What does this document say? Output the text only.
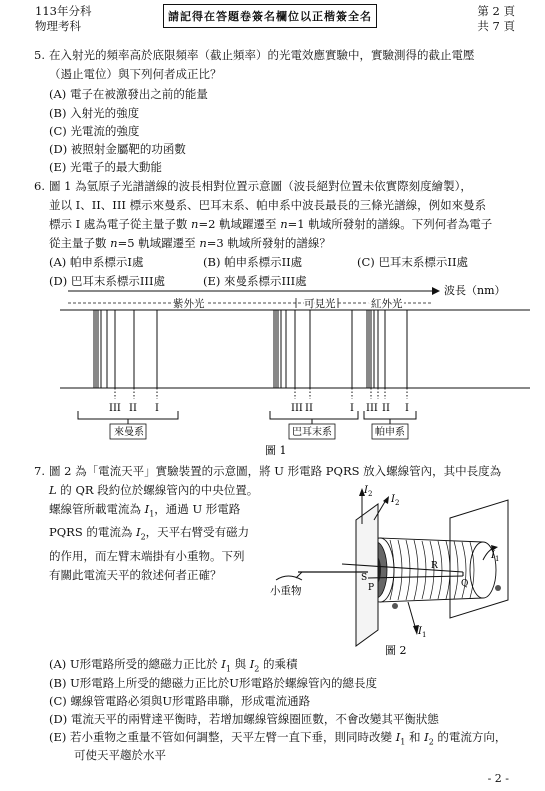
113年分科
物理考科
請記得在答題卷簽名欄位以正楷簽全名	第 2 頁
共 7 頁
5. 在入射光的頻率高於底限頻率（截止頻率）的光電效應實驗中，實驗測得的截止電壓
（遏止電位）與下列何者成正比？
(A) 電子在被激發出之前的能量
(B) 入射光的強度
(C) 光電流的強度
(D) 被照射金屬靶的功函數
(E) 光電子的最大動能
6. 圖 1 為氫原子光譜譜線的波長相對位置示意圖（波長絕對位置未依實際刻度繪製），
並以 I、II、III 標示來曼系、巴耳末系、帕申系中波長最長的三條光譜線，例如來曼系
標示 I 處為電子從主量子數 n=2 軌域躍遷至 n=1 軌域所發射的譜線。下列何者為電子
從主量子數 n=5 軌域躍遷至 n=3 軌域所發射的譜線？
(A) 帕申系標示I處	(B) 帕申系標示II處	(C) 巴耳末系標示II處
(D) 巴耳末系標示III處	(E) 來曼系標示III處
波長（nm）
紫外光	可見光	紅外光
III II I	III II	I III II I
來曼系	巴耳末系	帕申系
圖 1
7. 圖 2 為「電流天平」實驗裝置的示意圖，將 U 形電路 PQRS 放入螺線管內，其中長度為
L 的 QR 段約位於螺線管內的中央位置。
螺線管所載電流為 $I_1$，通過 U 形電路
PQRS 的電流為 $I_2$，天平右臂受有磁力
的作用，而左臂末端掛有小重物。下列
有關此電流天平的敘述何者正確？
小重物
S
P
R
Q
$I_2$ $I_2$
$I_1$
$I_1$
圖 2
(A) U形電路所受的總磁力正比於 $I_1$ 與 $I_2$ 的乘積
(B) U形電路上所受的總磁力正比於U形電路於螺線管內的總長度
(C) 螺線管電路必須與U形電路串聯，形成電流通路
(D) 電流天平的兩臂達平衡時，若增加螺線管線圈匝數，不會改變其平衡狀態
(E) 若小重物之重量不管如何調整，天平左臂一直下垂，則同時改變 $I_1$ 和 $I_2$ 的電流方向，
可使天平趨於水平
- 2 -
